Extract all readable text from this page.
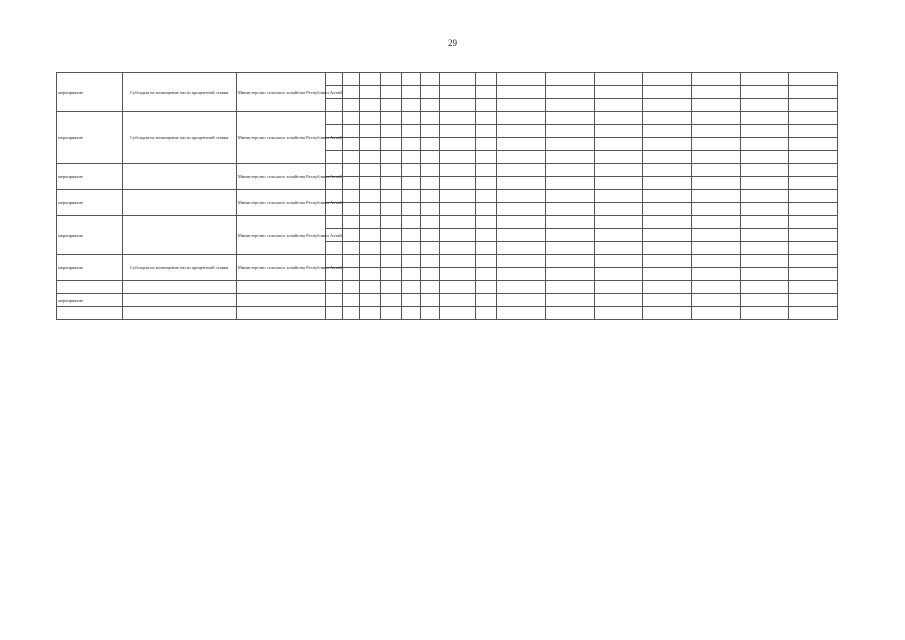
29
мероприятие	Субсидии на возмещение части процентной ставки	Министерство сельского хозяйства Республики Алтай															

мероприятие	Субсидии на возмещение части процентной ставки	Министерство сельского хозяйства Республики Алтай															

мероприятие		Министерство сельского хозяйства Республики Алтай															

мероприятие		Министерство сельского хозяйства Республики Алтай															

мероприятие		Министерство сельского хозяйства Республики Алтай															

мероприятие	Субсидии на возмещение части процентной ставки	Министерство сельского хозяйства Республики Алтай															

мероприятие																	
